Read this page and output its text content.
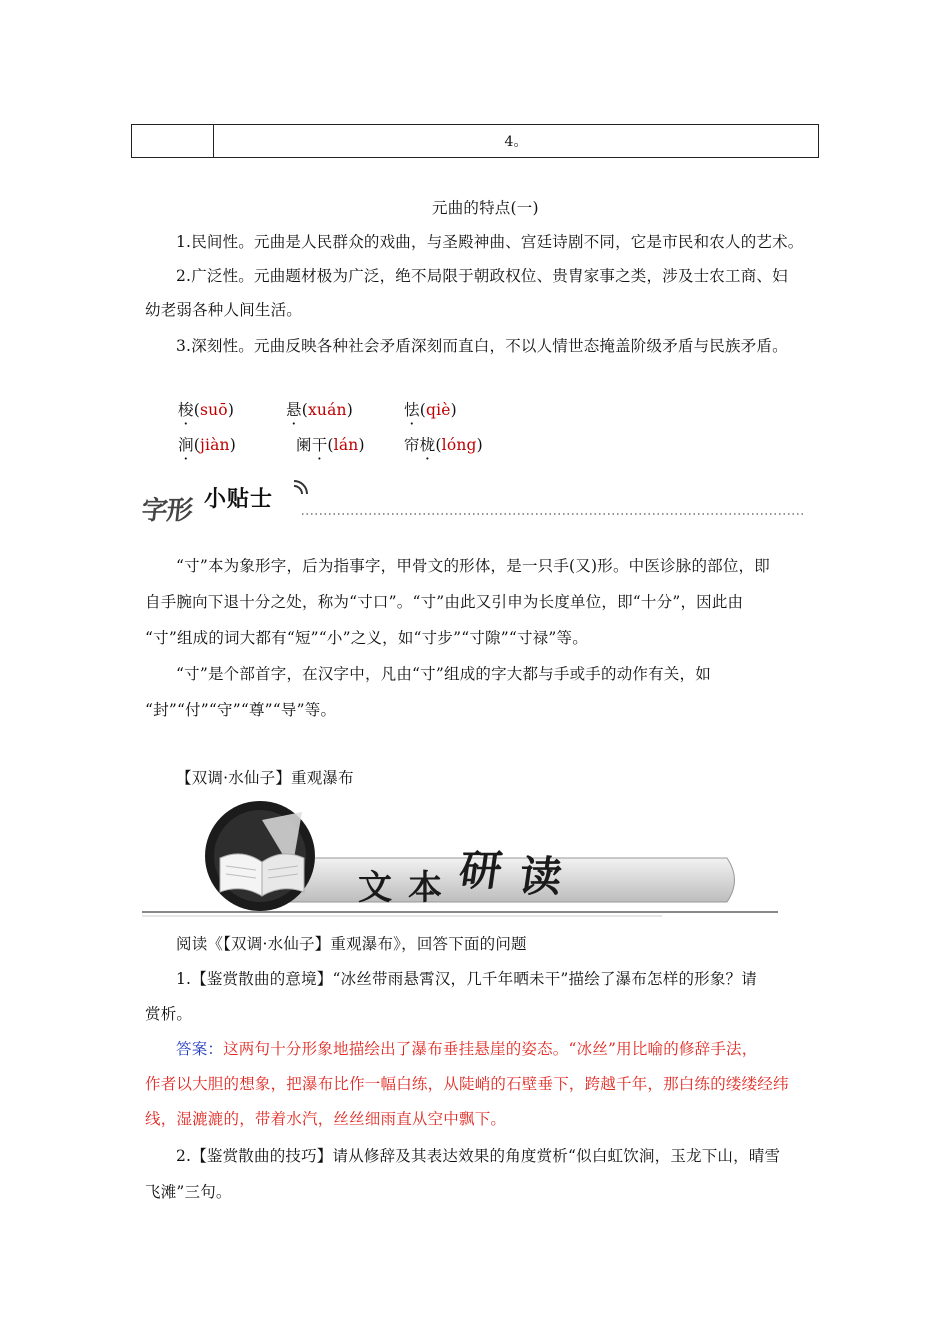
	4。
元曲的特点(一)
1.民间性。元曲是人民群众的戏曲，与圣殿神曲、宫廷诗剧不同，它是市民和农人的艺术。
2.广泛性。元曲题材极为广泛，绝不局限于朝政权位、贵胄家事之类，涉及士农工商、妇
幼老弱各种人间生活。
3.深刻性。元曲反映各种社会矛盾深刻而直白，不以人情世态掩盖阶级矛盾与民族矛盾。
梭(suō)	悬(xuán)	怯(qiè)
涧(jiàn)	阑干(lán)	帘栊(lóng)
字形 小贴士
“寸”本为象形字，后为指事字，甲骨文的形体，是一只手(又)形。中医诊脉的部位，即
自手腕向下退十分之处，称为“寸口”。“寸”由此又引申为长度单位，即“十分”，因此由
“寸”组成的词大都有“短”“小”之义，如“寸步”“寸隙”“寸禄”等。
“寸”是个部首字，在汉字中，凡由“寸”组成的字大都与手或手的动作有关，如
“封”“付”“守”“尊”“导”等。
【双调·水仙子】重观瀑布
文 本 研 读
阅读《【双调·水仙子】重观瀑布》，回答下面的问题
1.【鉴赏散曲的意境】“冰丝带雨悬霄汉，几千年晒未干”描绘了瀑布怎样的形象？请
赏析。
答案：这两句十分形象地描绘出了瀑布垂挂悬崖的姿态。“冰丝”用比喻的修辞手法，
作者以大胆的想象，把瀑布比作一幅白练，从陡峭的石壁垂下，跨越千年，那白练的缕缕经纬
线，湿漉漉的，带着水汽，丝丝细雨直从空中飘下。
2.【鉴赏散曲的技巧】请从修辞及其表达效果的角度赏析“似白虹饮涧，玉龙下山，晴雪
飞滩”三句。
